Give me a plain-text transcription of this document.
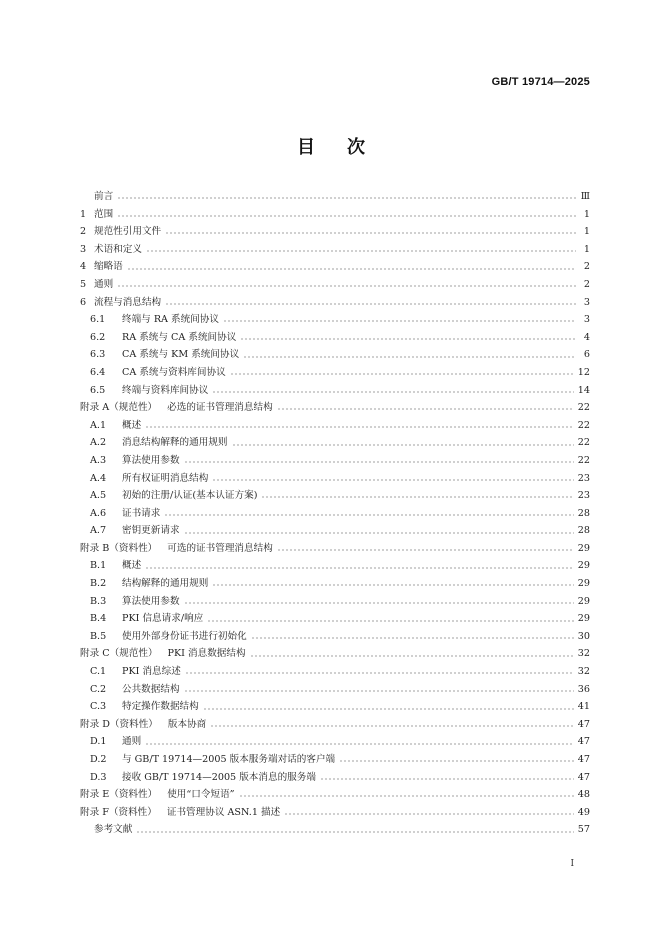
GB/T 19714—2025
目次
前言	Ⅲ
1 范围	1
2 规范性引用文件	1
3 术语和定义	1
4 缩略语	2
5 通则	2
6 流程与消息结构	3
6.1	终端与 RA 系统间协议	3
6.2	RA 系统与 CA 系统间协议	4
6.3	CA 系统与 KM 系统间协议	6
6.4	CA 系统与资料库间协议	12
6.5	终端与资料库间协议	14
附录 A（规范性） 必选的证书管理消息结构	22
A.1	概述	22
A.2	消息结构解释的通用规则	22
A.3	算法使用参数	22
A.4	所有权证明消息结构	23
A.5	初始的注册/认证(基本认证方案)	23
A.6	证书请求	28
A.7	密钥更新请求	28
附录 B（资料性） 可选的证书管理消息结构	29
B.1	概述	29
B.2	结构解释的通用规则	29
B.3	算法使用参数	29
B.4	PKI 信息请求/响应	29
B.5	使用外部身份证书进行初始化	30
附录 C（规范性） PKI 消息数据结构	32
C.1	PKI 消息综述	32
C.2	公共数据结构	36
C.3	特定操作数据结构	41
附录 D（资料性） 版本协商	47
D.1	通则	47
D.2	与 GB/T 19714—2005 版本服务端对话的客户端	47
D.3	接收 GB/T 19714—2005 版本消息的服务端	47
附录 E（资料性） 使用“口令短语”	48
附录 F（资料性） 证书管理协议 ASN.1 描述	49
参考文献	57
I
